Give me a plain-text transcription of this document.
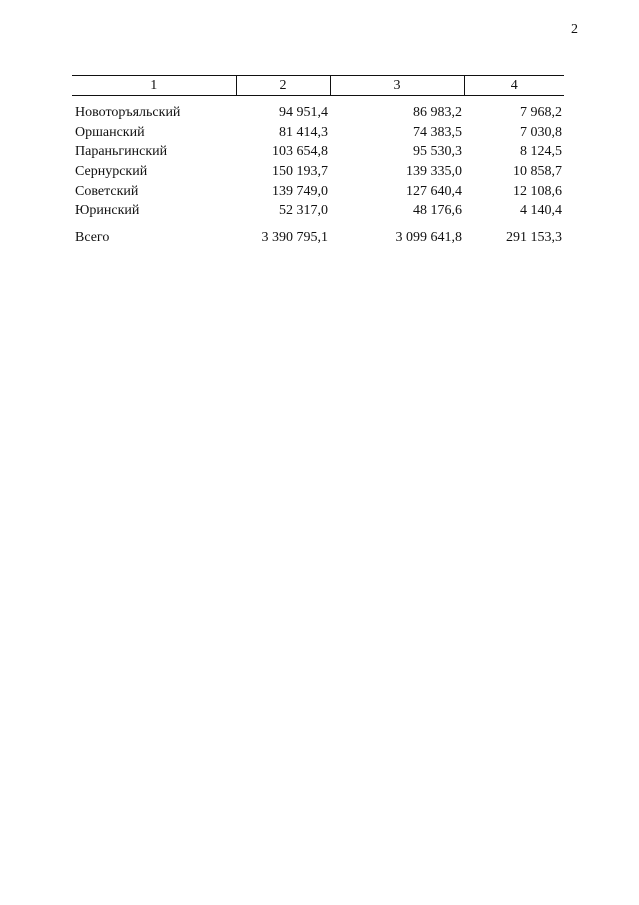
2
1	2	3	4
Новоторъяльский	94 951,4	86 983,2	7 968,2
Оршанский	81 414,3	74 383,5	7 030,8
Параньгинский	103 654,8	95 530,3	8 124,5
Сернурский	150 193,7	139 335,0	10 858,7
Советский	139 749,0	127 640,4	12 108,6
Юринский	52 317,0	48 176,6	4 140,4
Всего	3 390 795,1	3 099 641,8	291 153,3
